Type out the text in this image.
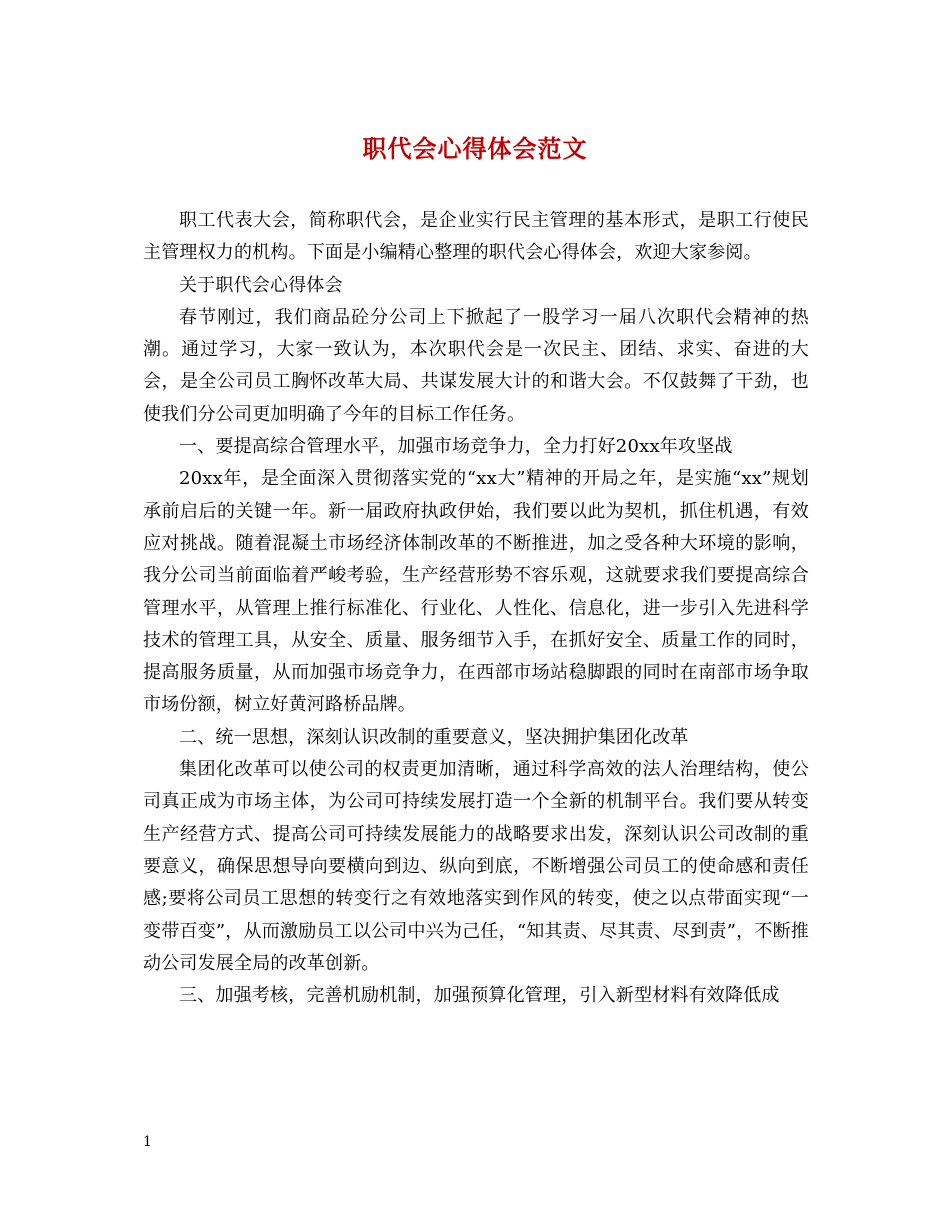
职代会心得体会范文

职工代表大会，简称职代会，是企业实行民主管理的基本形式，是职工行使民主管理权力的机构。下面是小编精心整理的职代会心得体会，欢迎大家参阅。

关于职代会心得体会

春节刚过，我们商品砼分公司上下掀起了一股学习一届八次职代会精神的热潮。通过学习，大家一致认为，本次职代会是一次民主、团结、求实、奋进的大会，是全公司员工胸怀改革大局、共谋发展大计的和谐大会。不仅鼓舞了干劲，也使我们分公司更加明确了今年的目标工作任务。

一、要提高综合管理水平，加强市场竞争力，全力打好20xx年攻坚战

20xx年，是全面深入贯彻落实党的“xx大”精神的开局之年，是实施“xx”规划承前启后的关键一年。新一届政府执政伊始，我们要以此为契机，抓住机遇，有效应对挑战。随着混凝土市场经济体制改革的不断推进，加之受各种大环境的影响，我分公司当前面临着严峻考验，生产经营形势不容乐观，这就要求我们要提高综合管理水平，从管理上推行标准化、行业化、人性化、信息化，进一步引入先进科学技术的管理工具，从安全、质量、服务细节入手，在抓好安全、质量工作的同时，提高服务质量，从而加强市场竞争力，在西部市场站稳脚跟的同时在南部市场争取市场份额，树立好黄河路桥品牌。

二、统一思想，深刻认识改制的重要意义，坚决拥护集团化改革

集团化改革可以使公司的权责更加清晰，通过科学高效的法人治理结构，使公司真正成为市场主体，为公司可持续发展打造一个全新的机制平台。我们要从转变生产经营方式、提高公司可持续发展能力的战略要求出发，深刻认识公司改制的重要意义，确保思想导向要横向到边、纵向到底，不断增强公司员工的使命感和责任感;要将公司员工思想的转变行之有效地落实到作风的转变，使之以点带面实现“一变带百变”，从而激励员工以公司中兴为己任，“知其责、尽其责、尽到责”，不断推动公司发展全局的改革创新。

三、加强考核，完善机励机制，加强预算化管理，引入新型材料有效降低成

1
